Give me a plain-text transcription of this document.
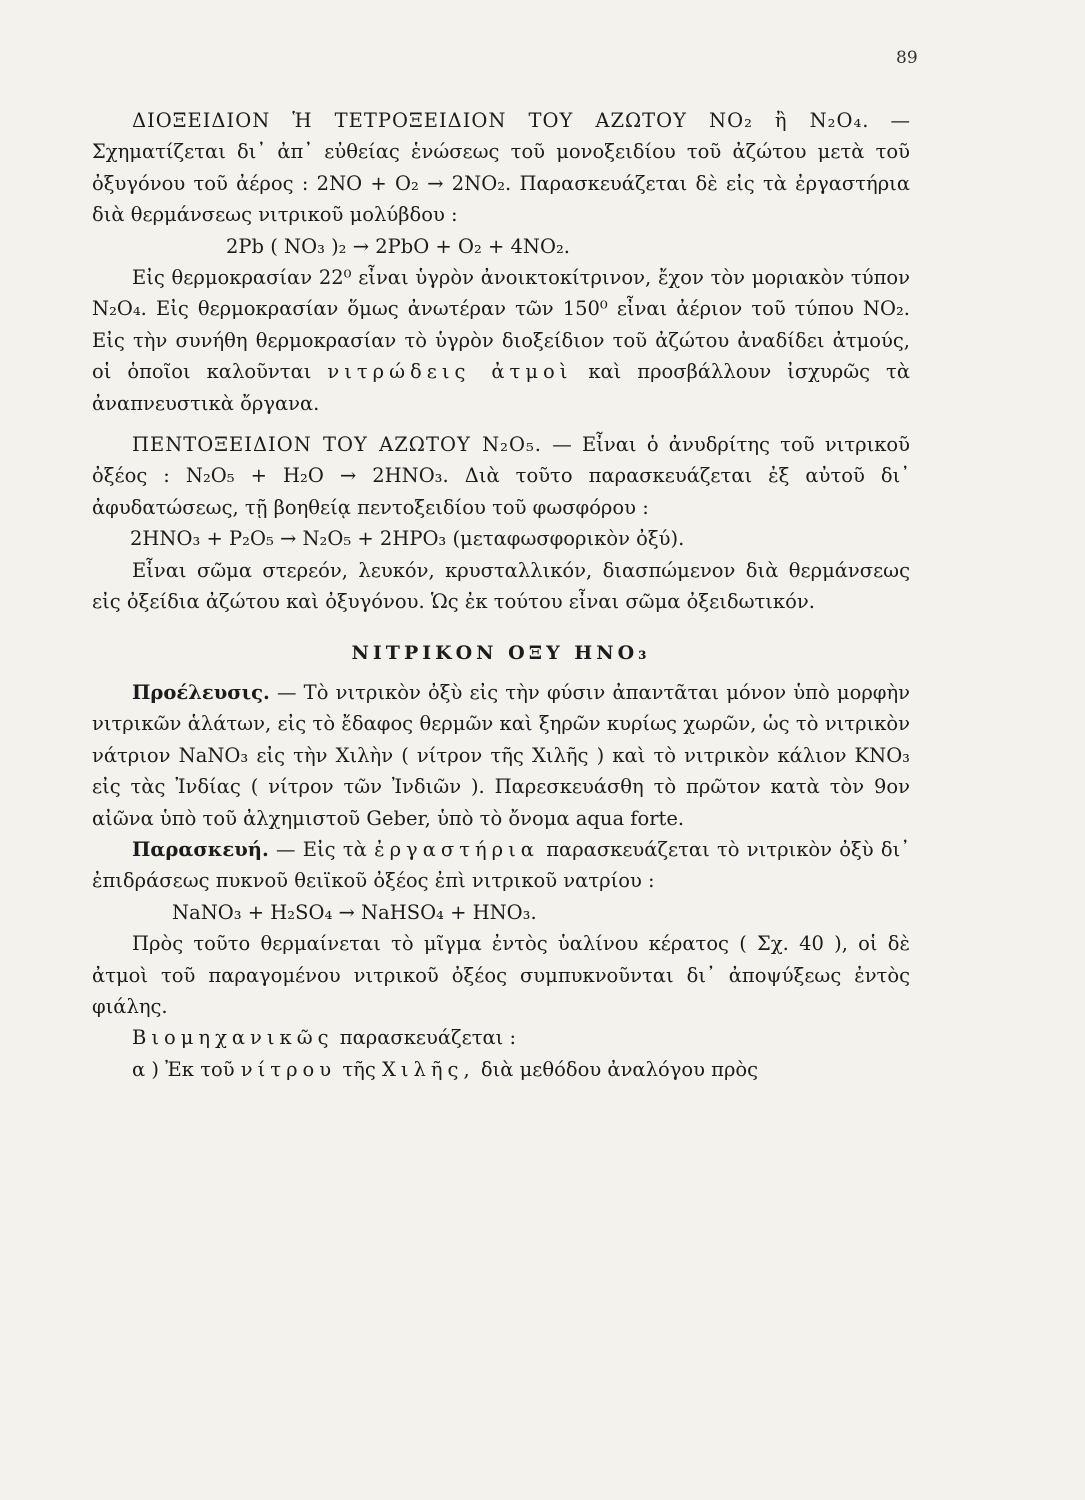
89

ΔΙΟΞΕΙΔΙΟΝ Ἡ ΤΕΤΡΟΞΕΙΔΙΟΝ ΤΟΥ ΑΖΩΤΟΥ NO₂ ἢ N₂O₄. — Σχηματίζεται δι᾽ ἀπ᾽ εὐθείας ἑνώσεως τοῦ μονοξειδίου τοῦ ἀζώτου μετὰ τοῦ ὀξυγόνου τοῦ ἀέρος : 2NO + O₂ → 2NO₂. Παρασκευάζεται δὲ εἰς τὰ ἐργαστήρια διὰ θερμάνσεως νιτρικοῦ μολύβδου :

2Pb ( NO₃ )₂ → 2PbO + O₂ + 4NO₂.

Εἰς θερμοκρασίαν 22⁰ εἶναι ὑγρὸν ἀνοικτοκίτρινον, ἔχον τὸν μοριακὸν τύπον N₂O₄. Εἰς θερμοκρασίαν ὅμως ἀνωτέραν τῶν 150⁰ εἶναι ἀέριον τοῦ τύπου NO₂. Εἰς τὴν συνήθη θερμοκρασίαν τὸ ὑγρὸν διοξείδιον τοῦ ἀζώτου ἀναδίδει ἀτμούς, οἱ ὁποῖοι καλοῦνται νιτρώδεις ἀτμοὶ καὶ προσβάλλουν ἰσχυρῶς τὰ ἀναπνευστικὰ ὄργανα.

ΠΕΝΤΟΞΕΙΔΙΟΝ ΤΟΥ ΑΖΩΤΟΥ N₂O₅. — Εἶναι ὁ ἀνυδρίτης τοῦ νιτρικοῦ ὀξέος : N₂O₅ + H₂O → 2HNO₃. Διὰ τοῦτο παρασκευάζεται ἐξ αὐτοῦ δι᾽ ἀφυδατώσεως, τῇ βοηθείᾳ πεντοξειδίου τοῦ φωσφόρου :

2HNO₃ + P₂O₅ → N₂O₅ + 2HPO₃ (μεταφωσφορικὸν ὀξύ).

Εἶναι σῶμα στερεόν, λευκόν, κρυσταλλικόν, διασπώμενον διὰ θερμάνσεως εἰς ὀξείδια ἀζώτου καὶ ὀξυγόνου. Ὡς ἐκ τούτου εἶναι σῶμα ὀξειδωτικόν.

ΝΙΤΡΙΚΟΝ ΟΞΥ HNO₃

Προέλευσις. — Τὸ νιτρικὸν ὀξὺ εἰς τὴν φύσιν ἀπαντᾶται μόνον ὑπὸ μορφὴν νιτρικῶν ἁλάτων, εἰς τὸ ἔδαφος θερμῶν καὶ ξηρῶν κυρίως χωρῶν, ὡς τὸ νιτρικὸν νάτριον NaNO₃ εἰς τὴν Χιλὴν ( νίτρον τῆς Χιλῆς ) καὶ τὸ νιτρικὸν κάλιον KNO₃ εἰς τὰς Ἰνδίας ( νίτρον τῶν Ἰνδιῶν ). Παρεσκευάσθη τὸ πρῶτον κατὰ τὸν 9ον αἰῶνα ὑπὸ τοῦ ἀλχημιστοῦ Geber, ὑπὸ τὸ ὄνομα aqua forte.

Παρασκευή. — Εἰς τὰ ἐργαστήρια παρασκευάζεται τὸ νιτρικὸν ὀξὺ δι᾽ ἐπιδράσεως πυκνοῦ θειϊκοῦ ὀξέος ἐπὶ νιτρικοῦ νατρίου :

NaNO₃ + H₂SO₄ → NaHSO₄ + HNO₃.

Πρὸς τοῦτο θερμαίνεται τὸ μῖγμα ἐντὸς ὑαλίνου κέρατος ( Σχ. 40 ), οἱ δὲ ἀτμοὶ τοῦ παραγομένου νιτρικοῦ ὀξέος συμπυκνοῦνται δι᾽ ἀποψύξεως ἐντὸς φιάλης.

Βιομηχανικῶς παρασκευάζεται :

α ) Ἐκ τοῦ νίτρου τῆς Χιλῆς, διὰ μεθόδου ἀναλόγου πρὸς
